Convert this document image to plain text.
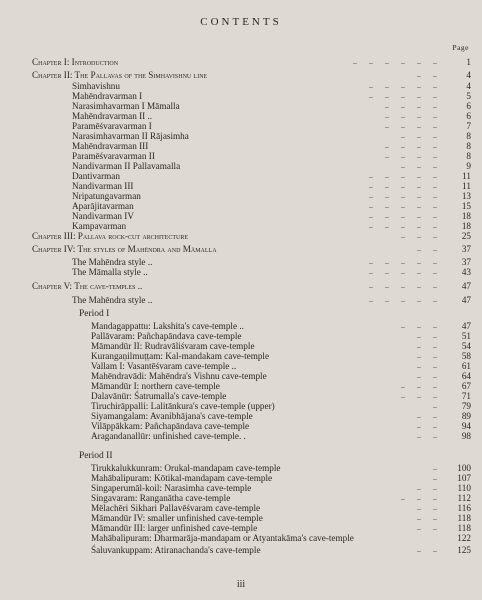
CONTENTS
Page
Chapter I: Introduction	..      ..      ..      ..      ..      ..	1
Chapter II: The Pallavas of the Simhavishnu line	..      ..	4
Simhavishnu	..      ..      ..      ..      ..	4
Mahēndravarman I	..      ..      ..      ..      ..	5
Narasimhavarman I Māmalla	..      ..      ..      ..	6
Mahēndravarman II ..	..      ..      ..      ..	6
Paramēśvaravarman I	..      ..      ..      ..	7
Narasimhavarman II Rājasimha	..      ..      ..	8
Mahēndravarman III	..      ..      ..      ..	8
Paramēśvaravarman II	..      ..      ..      ..	8
Nandivarman II Pallavamalla	..      ..      ..	9
Dantivarman	..      ..      ..      ..      ..	11
Nandivarman III	..      ..      ..      ..      ..	11
Nripatungavarman	..      ..      ..      ..      ..	13
Aparājitavarman	..      ..      ..      ..      ..	15
Nandivarman IV	..      ..      ..      ..      ..	18
Kampavarman	..      ..      ..      ..      ..	18
Chapter III: Pallava rock-cut architecture	..      ..      ..	25
Chapter IV: The styles of Mahēndra and Māmalla	..      ..	37
The Mahēndra style ..	..      ..      ..      ..      ..	37
The Māmalla style ..	..      ..      ..      ..      ..	43
Chapter V: The cave-temples ..	..      ..      ..      ..      ..	47
The Mahēndra style ..	..      ..      ..      ..      ..	47
Period I
Mandagappattu: Lakshita's cave-temple ..	..      ..      ..	47
Pallāvaram: Pañchapāndava cave-temple	..      ..	51
Māmandūr II: Rudravāliśvaram cave-temple	..      ..	54
Kurangaṇilmuṭṭam: Kal-mandakam cave-temple	..      ..	58
Vallam I: Vasantēśvaram cave-temple ..	..      ..	61
Mahēndravādi: Mahēndra's Vishnu cave-temple	..      ..	64
Māmandūr I: northern cave-temple	..      ..      ..	67
Dalavānūr: Śatrumalla's cave-temple	..      ..      ..	71
Tiruchirāppalli: Lalitānkura's cave-temple (upper)	..	79
Siyamangalam: Avanibhājana's cave-temple	..      ..	89
Vilāppākkam: Pañchapāndava cave-temple	..      ..	94
Aragandanallūr: unfinished cave-temple. .	..      ..	98
Period II
Tirukkalukkunram: Orukal-mandapam cave-temple	..	100
Mahābalipuram: Kōtikal-mandapam cave-temple	..	107
Singaperumāl-koil: Narasimha cave-temple	..      ..	110
Singavaram: Ranganātha cave-temple	..      ..      ..	112
Mēlachēri Sikhari Pallavēśvaram cave-temple	..      ..	116
Māmandūr IV: smaller unfinished cave-temple	..      ..	118
Māmandūr III: larger unfinished cave-temple	..      ..	118
Mahābalipuram: Dharmarāja-mandapam or Atyantakāma's cave-temple	122
Śaluvankuppam: Atiranachanda's cave-temple	..      ..	125
iii
